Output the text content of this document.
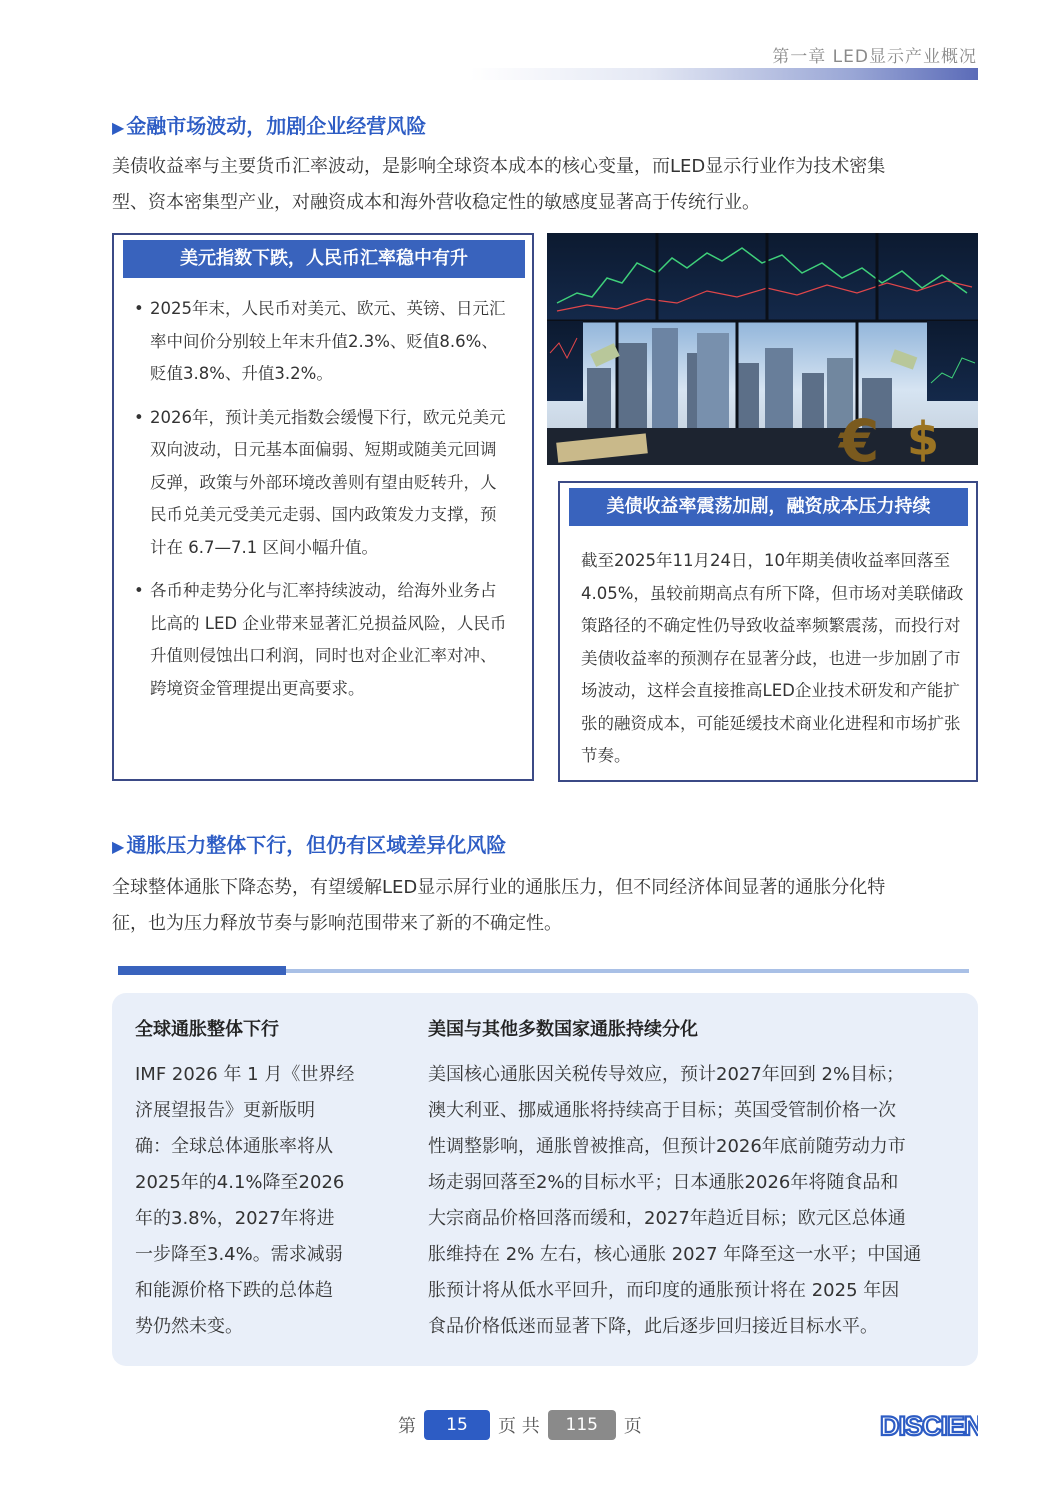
第一章 LED显示产业概况
▶ 金融市场波动，加剧企业经营风险
美债收益率与主要货币汇率波动，是影响全球资本成本的核心变量，而LED显示行业作为技术密集
型、资本密集型产业，对融资成本和海外营收稳定性的敏感度显著高于传统行业。
美元指数下跌，人民币汇率稳中有升
• 2025年末，人民币对美元、欧元、英镑、日元汇率中间价分别较上年末升值2.3%、贬值8.6%、贬值3.8%、升值3.2%。
• 2026年，预计美元指数会缓慢下行，欧元兑美元双向波动，日元基本面偏弱、短期或随美元回调反弹，政策与外部环境改善则有望由贬转升，人民币兑美元受美元走弱、国内政策发力支撑，预计在 6.7—7.1 区间小幅升值。
• 各币种走势分化与汇率持续波动，给海外业务占比高的 LED 企业带来显著汇兑损益风险，人民币升值则侵蚀出口利润，同时也对企业汇率对冲、跨境资金管理提出更高要求。
€ $
美债收益率震荡加剧，融资成本压力持续
截至2025年11月24日，10年期美债收益率回落至4.05%，虽较前期高点有所下降，但市场对美联储政策路径的不确定性仍导致收益率频繁震荡，而投行对美债收益率的预测存在显著分歧，也进一步加剧了市场波动，这样会直接推高LED企业技术研发和产能扩张的融资成本，可能延缓技术商业化进程和市场扩张节奏。
▶ 通胀压力整体下行，但仍有区域差异化风险
全球整体通胀下降态势，有望缓解LED显示屏行业的通胀压力，但不同经济体间显著的通胀分化特
征，也为压力释放节奏与影响范围带来了新的不确定性。
全球通胀整体下行
IMF 2026 年 1 月《世界经
济展望报告》更新版明
确：全球总体通胀率将从
2025年的4.1%降至2026
年的3.8%，2027年将进
一步降至3.4%。需求减弱
和能源价格下跌的总体趋
势仍然未变。
美国与其他多数国家通胀持续分化
美国核心通胀因关税传导效应，预计2027年回到 2%目标；
澳大利亚、挪威通胀将持续高于目标；英国受管制价格一次
性调整影响，通胀曾被推高，但预计2026年底前随劳动力市
场走弱回落至2%的目标水平；日本通胀2026年将随食品和
大宗商品价格回落而缓和，2027年趋近目标；欧元区总体通
胀维持在 2% 左右，核心通胀 2027 年降至这一水平；中国通
胀预计将从低水平回升，而印度的通胀预计将在 2025 年因
食品价格低迷而显著下降，此后逐步回归接近目标水平。
第	15	页 共	115	页	DISCIEN
